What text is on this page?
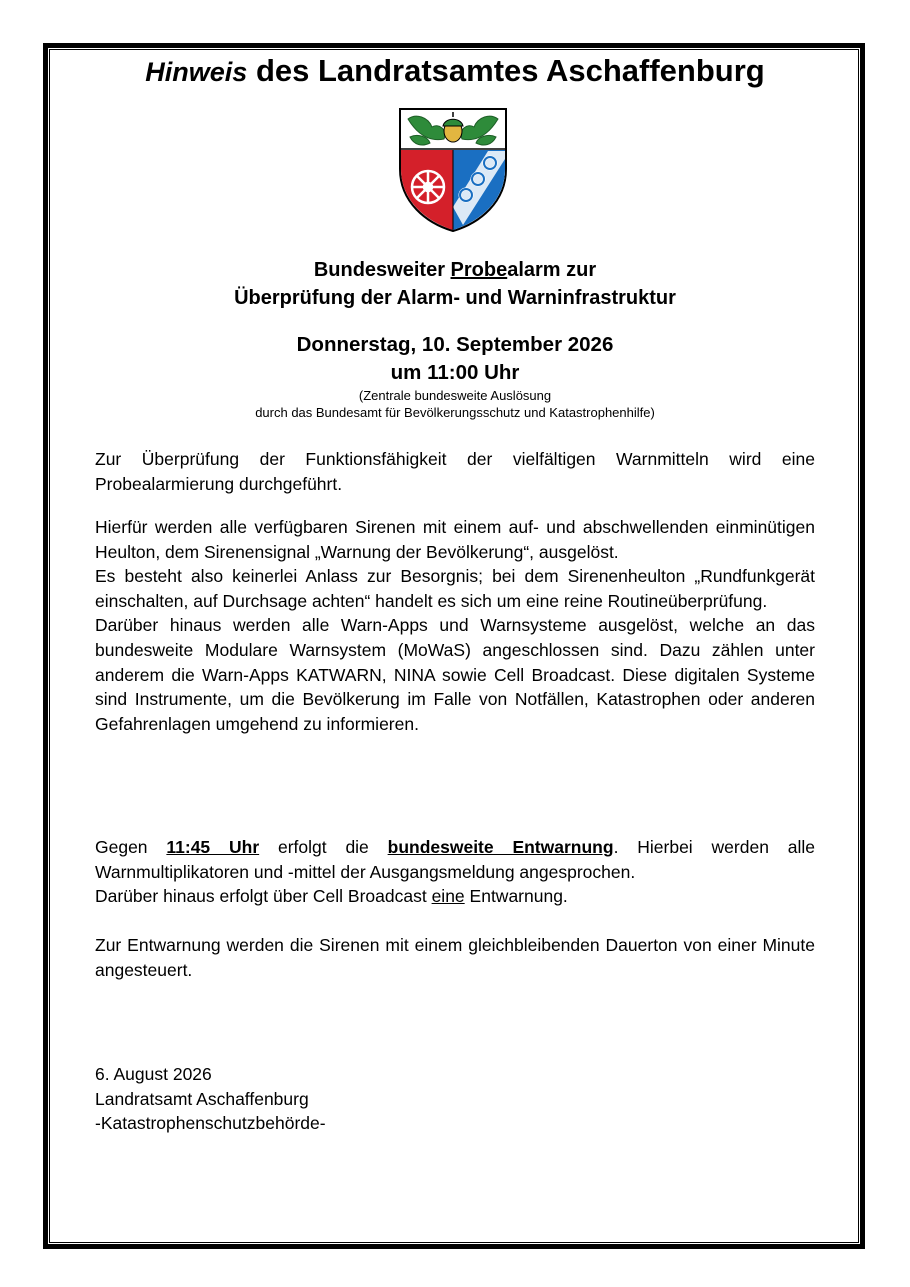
Hinweis des Landratsamtes Aschaffenburg
Bundesweiter Probealarm zur
Überprüfung der Alarm- und Warninfrastruktur
Donnerstag, 10. September 2026
um 11:00 Uhr
(Zentrale bundesweite Auslösung
durch das Bundesamt für Bevölkerungsschutz und Katastrophenhilfe)
Zur Überprüfung der Funktionsfähigkeit der vielfältigen Warnmitteln wird eine Probealarmierung durchgeführt.
Hierfür werden alle verfügbaren Sirenen mit einem auf- und abschwellenden einminütigen Heulton, dem Sirenensignal „Warnung der Bevölkerung“, ausgelöst.
Es besteht also keinerlei Anlass zur Besorgnis; bei dem Sirenenheulton „Rundfunkgerät einschalten, auf Durchsage achten“ handelt es sich um eine reine Routineüberprüfung.
Darüber hinaus werden alle Warn-Apps und Warnsysteme ausgelöst, welche an das bundesweite Modulare Warnsystem (MoWaS) angeschlossen sind. Dazu zählen unter anderem die Warn-Apps KATWARN, NINA sowie Cell Broadcast. Diese digitalen Systeme sind Instrumente, um die Bevölkerung im Falle von Notfällen, Katastrophen oder anderen Gefahrenlagen umgehend zu informieren.
Gegen 11:45 Uhr erfolgt die bundesweite Entwarnung. Hierbei werden alle Warnmultiplikatoren und -mittel der Ausgangsmeldung angesprochen.
Darüber hinaus erfolgt über Cell Broadcast eine Entwarnung.
Zur Entwarnung werden die Sirenen mit einem gleichbleibenden Dauerton von einer Minute angesteuert.
6. August 2026
Landratsamt Aschaffenburg
-Katastrophenschutzbehörde-
